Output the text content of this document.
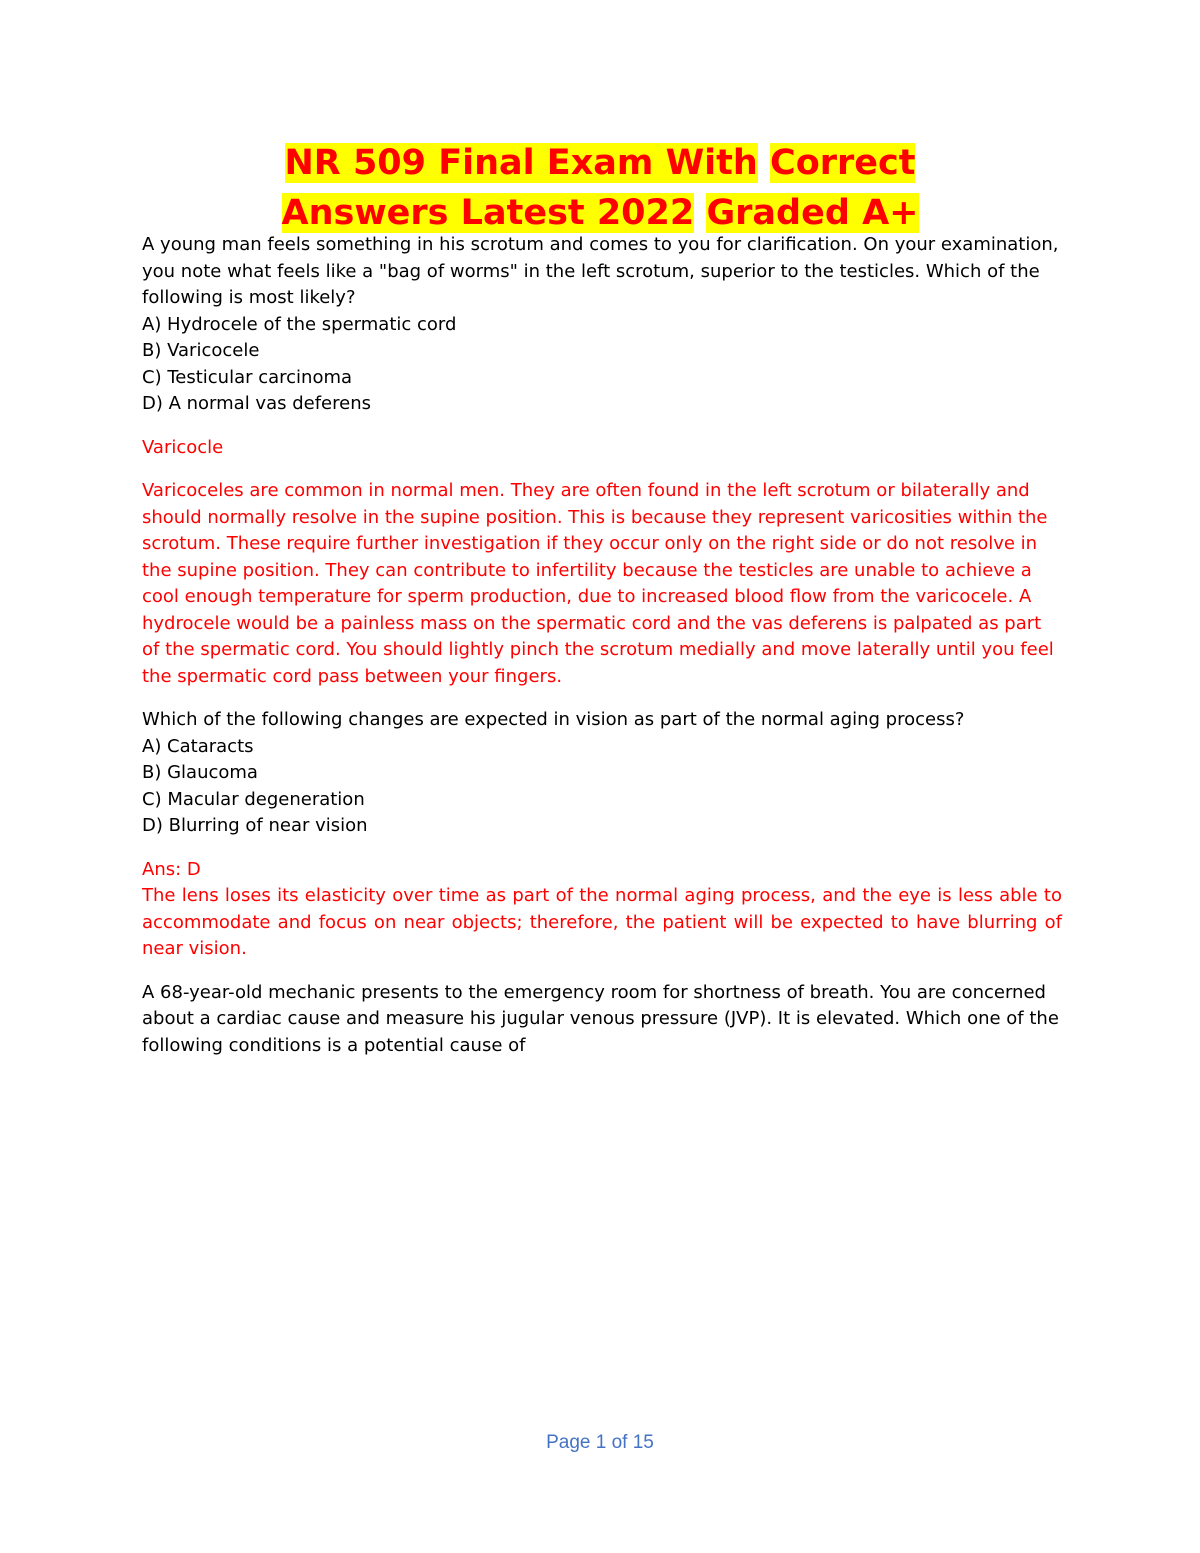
NR 509 Final Exam With Correct
Answers Latest 2022 Graded A+

A young man feels something in his scrotum and comes to you for clarification. On your examination, you note what feels like a "bag of worms" in the left scrotum, superior to the testicles. Which of the following is most likely?

A) Hydrocele of the spermatic cord
B) Varicocele
C) Testicular carcinoma
D) A normal vas deferens

Varicocle

Varicoceles are common in normal men. They are often found in the left scrotum or bilaterally and should normally resolve in the supine position. This is because they represent varicosities within the scrotum. These require further investigation if they occur only on the right side or do not resolve in the supine position. They can contribute to infertility because the testicles are unable to achieve a cool enough temperature for sperm production, due to increased blood flow from the varicocele. A hydrocele would be a painless mass on the spermatic cord and the vas deferens is palpated as part of the spermatic cord. You should lightly pinch the scrotum medially and move laterally until you feel the spermatic cord pass between your fingers.

Which of the following changes are expected in vision as part of the normal aging process?

A) Cataracts
B) Glaucoma
C) Macular degeneration
D) Blurring of near vision

Ans: D

The lens loses its elasticity over time as part of the normal aging process, and the eye is less able to accommodate and focus on near objects; therefore, the patient will be expected to have blurring of near vision.

A 68-year-old mechanic presents to the emergency room for shortness of breath. You are concerned about a cardiac cause and measure his jugular venous pressure (JVP). It is elevated. Which one of the following conditions is a potential cause of

Page 1 of 15
